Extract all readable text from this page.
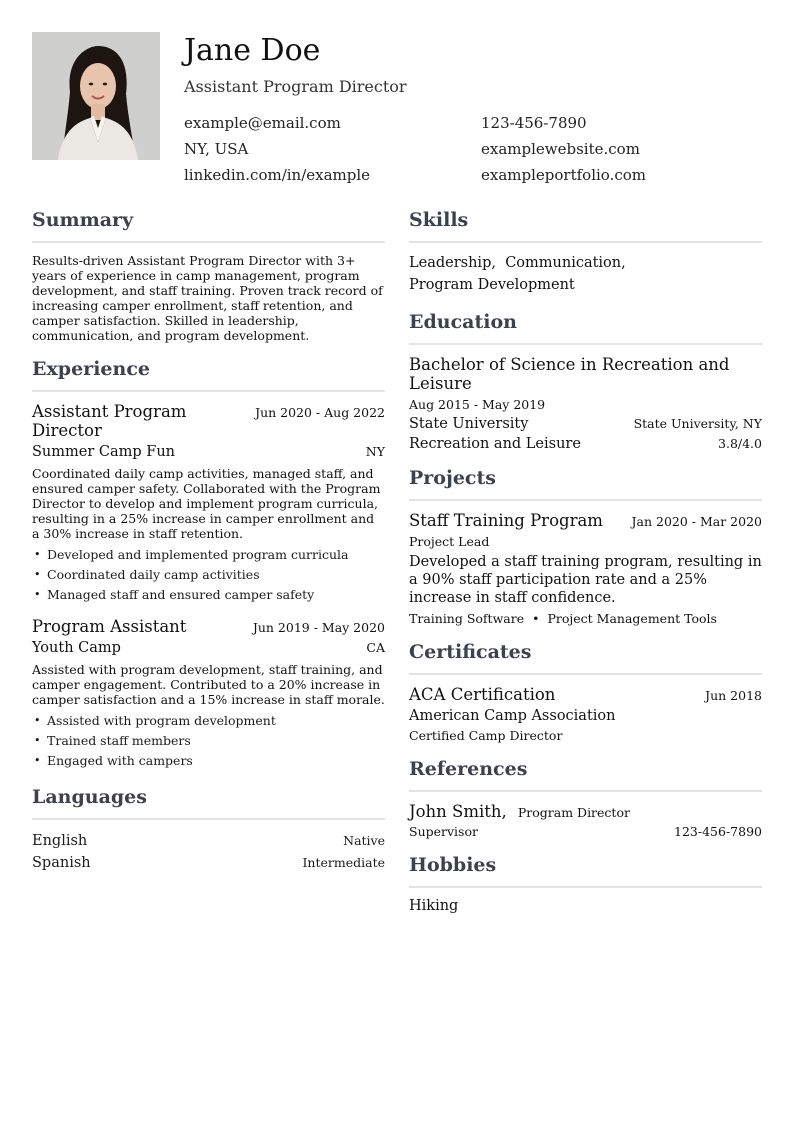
Jane Doe
Assistant Program Director
example@email.com	123-456-7890
NY, USA	examplewebsite.com
linkedin.com/in/example	exampleportfolio.com
Summary
Results-driven Assistant Program Director with 3+ years of experience in camp management, program development, and staff training. Proven track record of increasing camper enrollment, staff retention, and camper satisfaction. Skilled in leadership, communication, and program development.
Experience
Assistant Program Director
Jun 2020 - Aug 2022
Summer Camp Fun	NY
Coordinated daily camp activities, managed staff, and ensured camper safety. Collaborated with the Program Director to develop and implement program curricula, resulting in a 25% increase in camper enrollment and a 30% increase in staff retention.
• Developed and implemented program curricula
• Coordinated daily camp activities
• Managed staff and ensured camper safety
Program Assistant	Jun 2019 - May 2020
Youth Camp	CA
Assisted with program development, staff training, and camper engagement. Contributed to a 20% increase in camper satisfaction and a 15% increase in staff morale.
• Assisted with program development
• Trained staff members
• Engaged with campers
Languages
English	Native
Spanish	Intermediate
Skills
Leadership,  Communication,
Program Development
Education
Bachelor of Science in Recreation and Leisure
Aug 2015 - May 2019
State University	State University, NY
Recreation and Leisure	3.8/4.0
Projects
Staff Training Program Jan 2020 - Mar 2020
Project Lead
Developed a staff training program, resulting in a 90% staff participation rate and a 25% increase in staff confidence.
Training Software • Project Management Tools
Certificates
ACA Certification	Jun 2018
American Camp Association
Certified Camp Director
References
John Smith, Program Director
Supervisor	123-456-7890
Hobbies
Hiking
